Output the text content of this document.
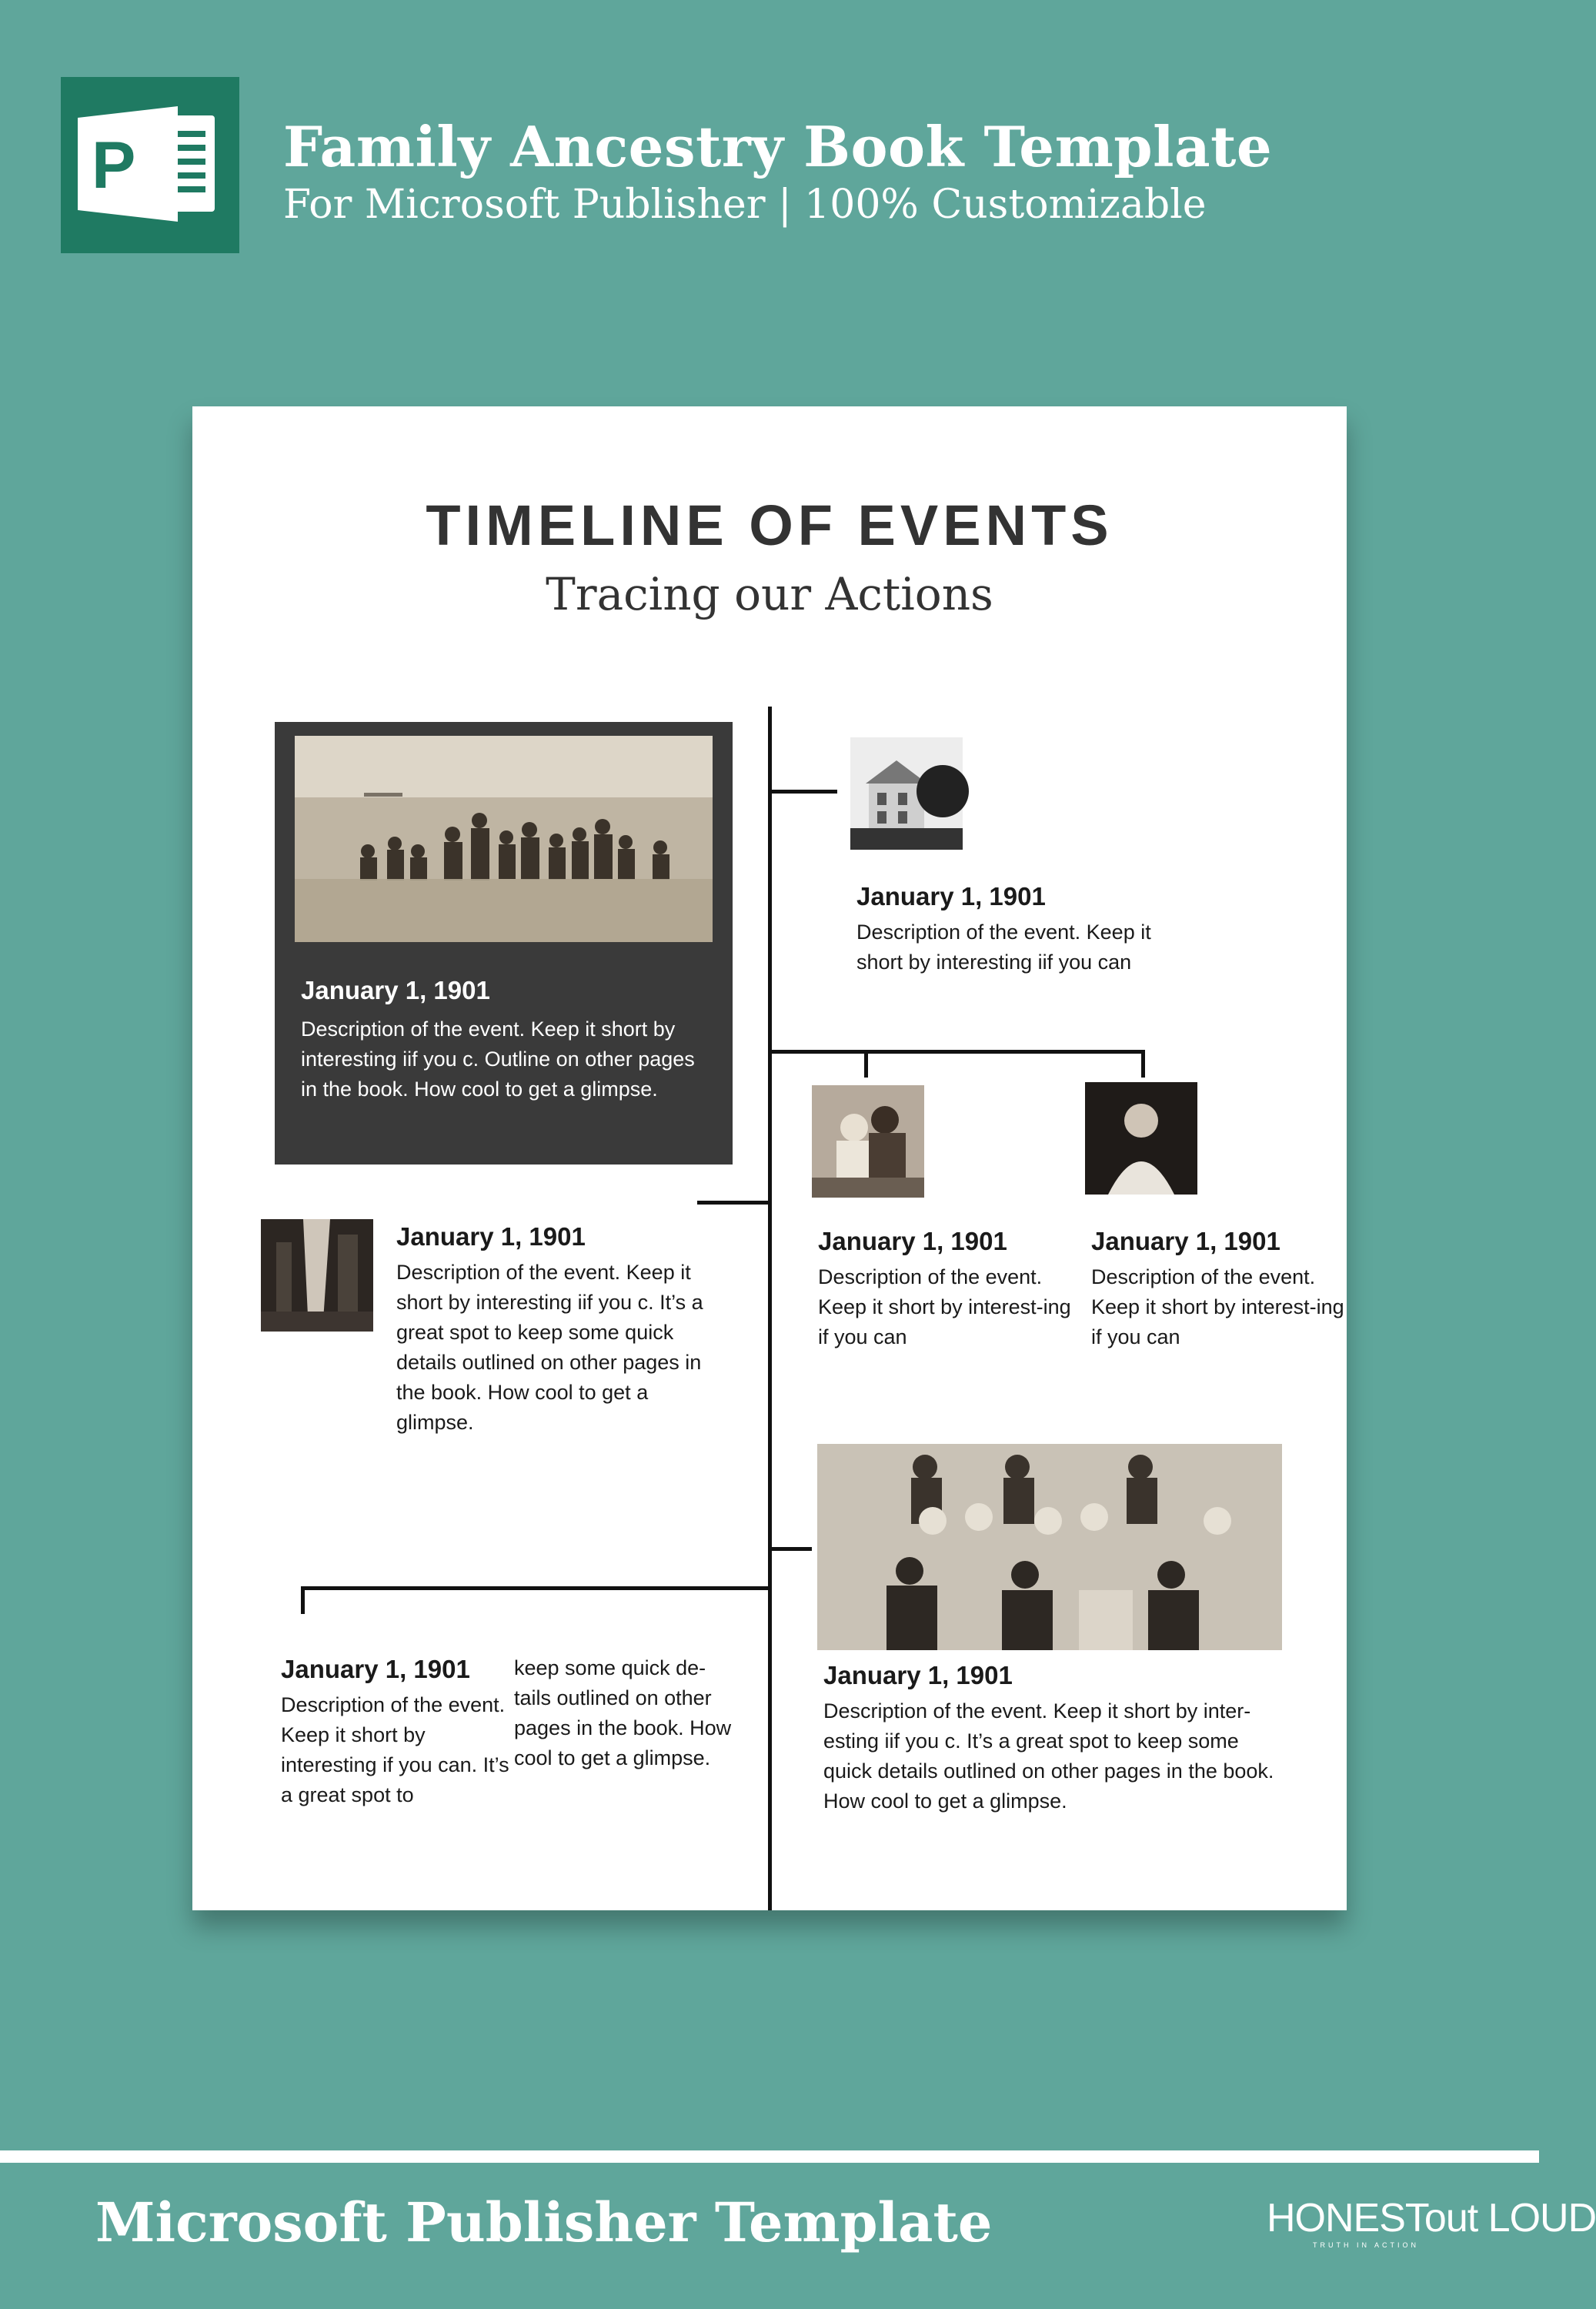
P	Family Ancestry Book Template
For Microsoft Publisher | 100% Customizable
TIMELINE OF EVENTS
Tracing our Actions
January 1, 1901
Description of the event. Keep it short by interesting iif you c. Outline on other pages in the book. How cool to get a glimpse.
January 1, 1901
Description of the event. Keep it short by interesting iif you can
January 1, 1901
Description of the event. Keep it short by interesting iif you c. It’s a great spot to keep some quick details outlined on other pages in the book. How cool to get a glimpse.
January 1, 1901
Description of the event. Keep it short by interest-ing if you can
January 1, 1901
Description of the event. Keep it short by interest-ing if you can
January 1, 1901
Description of the event. Keep it short by inter-esting iif you c. It’s a great spot to keep some quick details outlined on other pages in the book. How cool to get a glimpse.
January 1, 1901
Description of the event. Keep it short by interesting if you can. It’s a great spot to
keep some quick de-tails outlined on other pages in the book. How cool to get a glimpse.
Microsoft Publisher Template	HONESTout LOUD
TRUTH IN ACTION
